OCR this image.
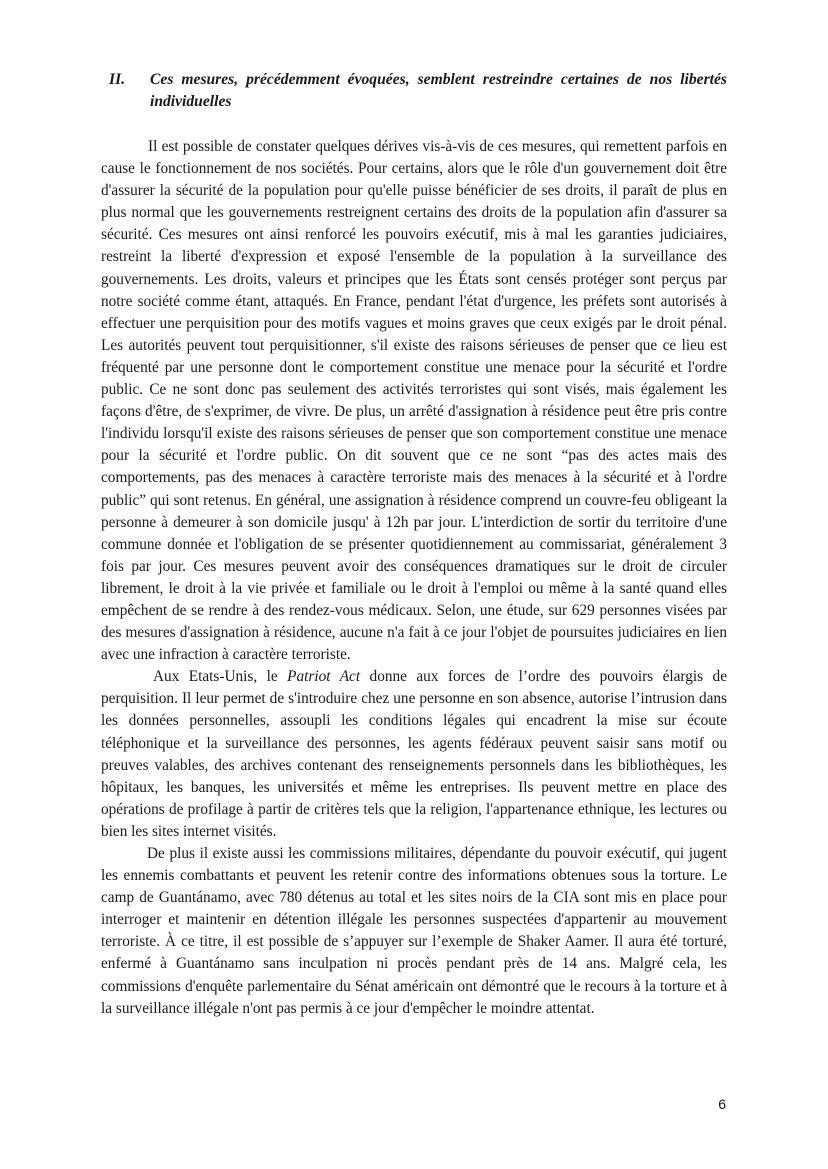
II.	Ces mesures, précédemment évoquées, semblent restreindre certaines de nos libertés individuelles

Il est possible de constater quelques dérives vis-à-vis de ces mesures, qui remettent parfois en cause le fonctionnement de nos sociétés. Pour certains, alors que le rôle d'un gouvernement doit être d'assurer la sécurité de la population pour qu'elle puisse bénéficier de ses droits, il paraît de plus en plus normal que les gouvernements restreignent certains des droits de la population afin d'assurer sa sécurité. Ces mesures ont ainsi renforcé les pouvoirs exécutif, mis à mal les garanties judiciaires, restreint la liberté d'expression et exposé l'ensemble de la population à la surveillance des gouvernements. Les droits, valeurs et principes que les États sont censés protéger sont perçus par notre société comme étant, attaqués. En France, pendant l'état d'urgence, les préfets sont autorisés à effectuer une perquisition pour des motifs vagues et moins graves que ceux exigés par le droit pénal. Les autorités peuvent tout perquisitionner, s'il existe des raisons sérieuses de penser que ce lieu est fréquenté par une personne dont le comportement constitue une menace pour la sécurité et l'ordre public. Ce ne sont donc pas seulement des activités terroristes qui sont visés, mais également les façons d'être, de s'exprimer, de vivre. De plus, un arrêté d'assignation à résidence peut être pris contre l'individu lorsqu'il existe des raisons sérieuses de penser que son comportement constitue une menace pour la sécurité et l'ordre public. On dit souvent que ce ne sont “pas des actes mais des comportements, pas des menaces à caractère terroriste mais des menaces à la sécurité et à l'ordre public” qui sont retenus. En général, une assignation à résidence comprend un couvre-feu obligeant la personne à demeurer à son domicile jusqu' à 12h par jour. L'interdiction de sortir du territoire d'une commune donnée et l'obligation de se présenter quotidiennement au commissariat, généralement 3 fois par jour. Ces mesures peuvent avoir des conséquences dramatiques sur le droit de circuler librement, le droit à la vie privée et familiale ou le droit à l'emploi ou même à la santé quand elles empêchent de se rendre à des rendez-vous médicaux. Selon, une étude, sur 629 personnes visées par des mesures d'assignation à résidence, aucune n'a fait à ce jour l'objet de poursuites judiciaires en lien avec une infraction à caractère terroriste.

Aux Etats-Unis, le Patriot Act donne aux forces de l’ordre des pouvoirs élargis de perquisition. Il leur permet de s'introduire chez une personne en son absence, autorise l’intrusion dans les données personnelles, assoupli les conditions légales qui encadrent la mise sur écoute téléphonique et la surveillance des personnes, les agents fédéraux peuvent saisir sans motif ou preuves valables, des archives contenant des renseignements personnels dans les bibliothèques, les hôpitaux, les banques, les universités et même les entreprises. Ils peuvent mettre en place des opérations de profilage à partir de critères tels que la religion, l'appartenance ethnique, les lectures ou bien les sites internet visités.

De plus il existe aussi les commissions militaires, dépendante du pouvoir exécutif, qui jugent les ennemis combattants et peuvent les retenir contre des informations obtenues sous la torture. Le camp de Guantánamo, avec 780 détenus au total et les sites noirs de la CIA sont mis en place pour interroger et maintenir en détention illégale les personnes suspectées d'appartenir au mouvement terroriste. À ce titre, il est possible de s’appuyer sur l’exemple de Shaker Aamer. Il aura été torturé, enfermé à Guantánamo sans inculpation ni procès pendant près de 14 ans. Malgré cela, les commissions d'enquête parlementaire du Sénat américain ont démontré que le recours à la torture et à la surveillance illégale n'ont pas permis à ce jour d'empêcher le moindre attentat.

6
